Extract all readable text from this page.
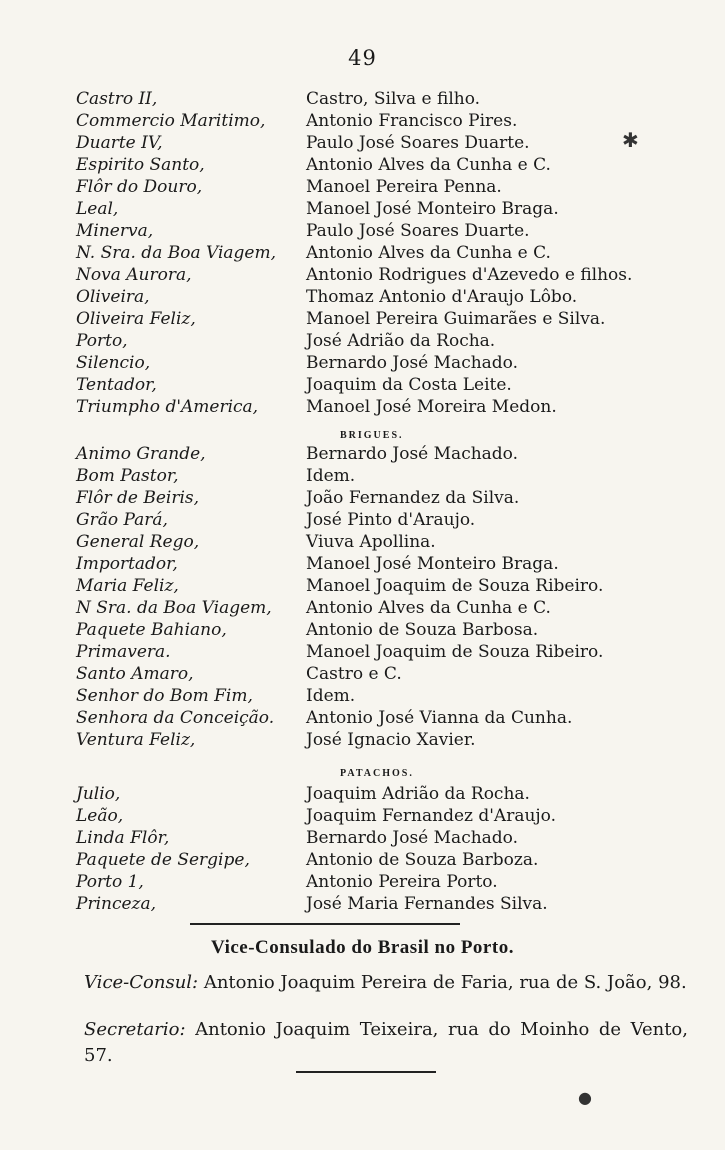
49
Castro II,	Castro, Silva e filho.
Commercio Maritimo, Antonio Francisco Pires.
Duarte IV,	Paulo José Soares Duarte.
Espirito Santo,	Antonio Alves da Cunha e C.
Flôr do Douro,	Manoel Pereira Penna.
Leal,	Manoel José Monteiro Braga.
Minerva,	Paulo José Soares Duarte.
N. Sra. da Boa Viagem, Antonio Alves da Cunha e C.
Nova Aurora,	Antonio Rodrigues d'Azevedo e filhos.
Oliveira,	Thomaz Antonio d'Araujo Lôbo.
Oliveira Feliz,	Manoel Pereira Guimarães e Silva.
Porto,	José Adrião da Rocha.
Silencio,	Bernardo José Machado.
Tentador,	Joaquim da Costa Leite.
Triumpho d'America,	Manoel José Moreira Medon.
BRIGUES.
Animo Grande,	Bernardo José Machado.
Bom Pastor,	Idem.
Flôr de Beiris,	João Fernandez da Silva.
Grão Pará,	José Pinto d'Araujo.
General Rego,	Viuva Apollina.
Importador,	Manoel José Monteiro Braga.
Maria Feliz,	Manoel Joaquim de Souza Ribeiro.
N Sra. da Boa Viagem, Antonio Alves da Cunha e C.
Paquete Bahiano,	Antonio de Souza Barbosa.
Primavera.	Manoel Joaquim de Souza Ribeiro.
Santo Amaro,	Castro e C.
Senhor do Bom Fim,	Idem.
Senhora da Conceição. Antonio José Vianna da Cunha.
Ventura Feliz,	José Ignacio Xavier.
PATACHOS.
Julio,	Joaquim Adrião da Rocha.
Leão,	Joaquim Fernandez d'Araujo.
Linda Flôr,	Bernardo José Machado.
Paquete de Sergipe,	Antonio de Souza Barboza.
Porto 1,	Antonio Pereira Porto.
Princeza,	José Maria Fernandes Silva.
Vice-Consulado do Brasil no Porto.
Vice-Consul: Antonio Joaquim Pereira de Faria, rua de S. João, 98.
Secretario: Antonio Joaquim Teixeira, rua do Moinho de Vento, 57.
✱
●
